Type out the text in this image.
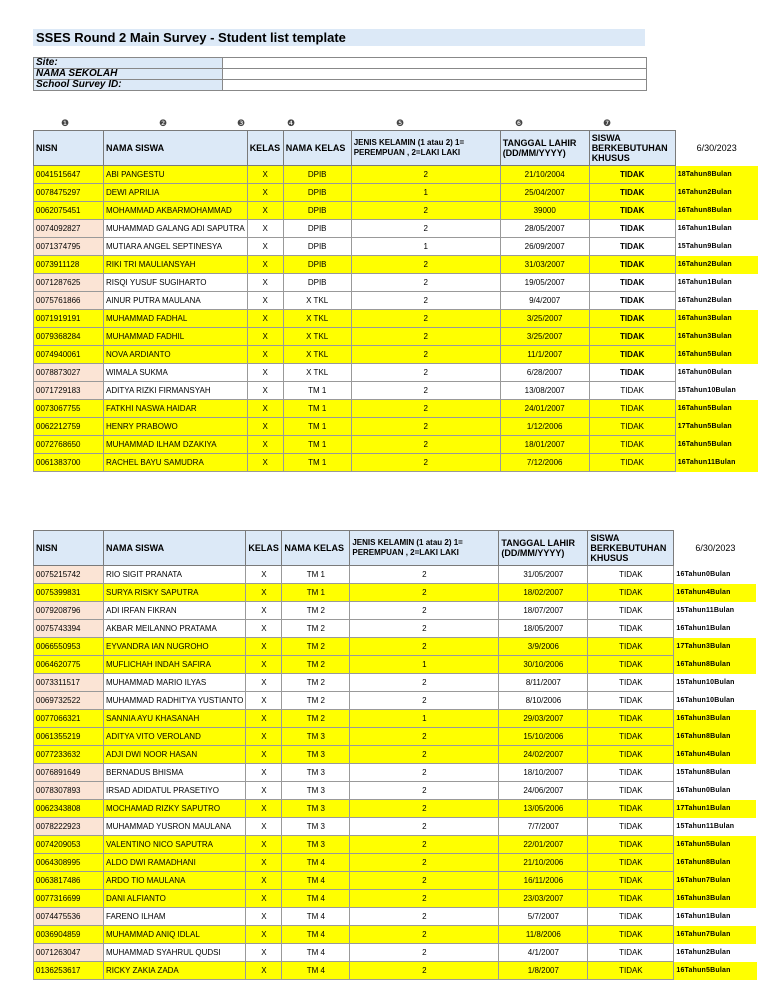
SSES Round 2 Main Survey - Student list template
Site:	
NAMA SEKOLAH	
School Survey ID:	
❶	❷	❸	❹	❺	❻	❼
NISN	NAMA SISWA	KELAS	NAMA KELAS	JENIS KELAMIN (1 atau 2) 1= PEREMPUAN , 2=LAKI LAKI	TANGGAL LAHIR (DD/MM/YYYY)	SISWA BERKEBUTUHAN KHUSUS	6/30/2023
0041515647	ABI PANGESTU	X	DPIB	2	21/10/2004	TIDAK	18Tahun8Bulan
0078475297	DEWI APRILIA	X	DPIB	1	25/04/2007	TIDAK	16Tahun2Bulan
0062075451	MOHAMMAD AKBARMOHAMMAD	X	DPIB	2	39000	TIDAK	16Tahun8Bulan
0074092827	MUHAMMAD GALANG ADI SAPUTRA	X	DPIB	2	28/05/2007	TIDAK	16Tahun1Bulan
0071374795	MUTIARA ANGEL SEPTINESYA	X	DPIB	1	26/09/2007	TIDAK	15Tahun9Bulan
0073911128	RIKI TRI MAULIANSYAH	X	DPIB	2	31/03/2007	TIDAK	16Tahun2Bulan
0071287625	RISQI YUSUF SUGIHARTO	X	DPIB	2	19/05/2007	TIDAK	16Tahun1Bulan
0075761866	AINUR PUTRA MAULANA	X	X TKL	2	9/4/2007	TIDAK	16Tahun2Bulan
0071919191	MUHAMMAD FADHAL	X	X TKL	2	3/25/2007	TIDAK	16Tahun3Bulan
0079368284	MUHAMMAD FADHIL	X	X TKL	2	3/25/2007	TIDAK	16Tahun3Bulan
0074940061	NOVA ARDIANTO	X	X TKL	2	11/1/2007	TIDAK	16Tahun5Bulan
0078873027	WIMALA SUKMA	X	X TKL	2	6/28/2007	TIDAK	16Tahun0Bulan
0071729183	ADITYA RIZKI FIRMANSYAH	X	TM 1	2	13/08/2007	TIDAK	15Tahun10Bulan
0073067755	FATKHI NASWA HAIDAR	X	TM 1	2	24/01/2007	TIDAK	16Tahun5Bulan
0062212759	HENRY PRABOWO	X	TM 1	2	1/12/2006	TIDAK	17Tahun5Bulan
0072768650	MUHAMMAD ILHAM DZAKIYA	X	TM 1	2	18/01/2007	TIDAK	16Tahun5Bulan
0061383700	RACHEL BAYU SAMUDRA	X	TM 1	2	7/12/2006	TIDAK	16Tahun11Bulan
NISN	NAMA SISWA	KELAS	NAMA KELAS	JENIS KELAMIN (1 atau 2) 1= PEREMPUAN , 2=LAKI LAKI	TANGGAL LAHIR (DD/MM/YYYY)	SISWA BERKEBUTUHAN KHUSUS	6/30/2023
0075215742	RIO SIGIT PRANATA	X	TM 1	2	31/05/2007	TIDAK	16Tahun0Bulan
0075399831	SURYA RISKY SAPUTRA	X	TM 1	2	18/02/2007	TIDAK	16Tahun4Bulan
0079208796	ADI IRFAN FIKRAN	X	TM 2	2	18/07/2007	TIDAK	15Tahun11Bulan
0075743394	AKBAR MEILANNO PRATAMA	X	TM 2	2	18/05/2007	TIDAK	16Tahun1Bulan
0066550953	EYVANDRA IAN NUGROHO	X	TM 2	2	3/9/2006	TIDAK	17Tahun3Bulan
0064620775	MUFLICHAH INDAH SAFIRA	X	TM 2	1	30/10/2006	TIDAK	16Tahun8Bulan
0073311517	MUHAMMAD MARIO ILYAS	X	TM 2	2	8/11/2007	TIDAK	15Tahun10Bulan
0069732522	MUHAMMAD RADHITYA YUSTIANTO	X	TM 2	2	8/10/2006	TIDAK	16Tahun10Bulan
0077066321	SANNIA AYU KHASANAH	X	TM 2	1	29/03/2007	TIDAK	16Tahun3Bulan
0061355219	ADITYA VITO VEROLAND	X	TM 3	2	15/10/2006	TIDAK	16Tahun8Bulan
0077233632	ADJI DWI NOOR HASAN	X	TM 3	2	24/02/2007	TIDAK	16Tahun4Bulan
0076891649	BERNADUS BHISMA	X	TM 3	2	18/10/2007	TIDAK	15Tahun8Bulan
0078307893	IRSAD ADIDATUL PRASETIYO	X	TM 3	2	24/06/2007	TIDAK	16Tahun0Bulan
0062343808	MOCHAMAD RIZKY SAPUTRO	X	TM 3	2	13/05/2006	TIDAK	17Tahun1Bulan
0078222923	MUHAMMAD YUSRON MAULANA	X	TM 3	2	7/7/2007	TIDAK	15Tahun11Bulan
0074209053	VALENTINO NICO SAPUTRA	X	TM 3	2	22/01/2007	TIDAK	16Tahun5Bulan
0064308995	ALDO DWI RAMADHANI	X	TM 4	2	21/10/2006	TIDAK	16Tahun8Bulan
0063817486	ARDO TIO MAULANA	X	TM 4	2	16/11/2006	TIDAK	16Tahun7Bulan
0077316699	DANI ALFIANTO	X	TM 4	2	23/03/2007	TIDAK	16Tahun3Bulan
0074475536	FARENO ILHAM	X	TM 4	2	5/7/2007	TIDAK	16Tahun1Bulan
0036904859	MUHAMMAD ANIQ IDLAL	X	TM 4	2	11/8/2006	TIDAK	16Tahun7Bulan
0071263047	MUHAMMAD SYAHRUL QUDSI	X	TM 4	2	4/1/2007	TIDAK	16Tahun2Bulan
0136253617	RICKY ZAKIA ZADA	X	TM 4	2	1/8/2007	TIDAK	16Tahun5Bulan
